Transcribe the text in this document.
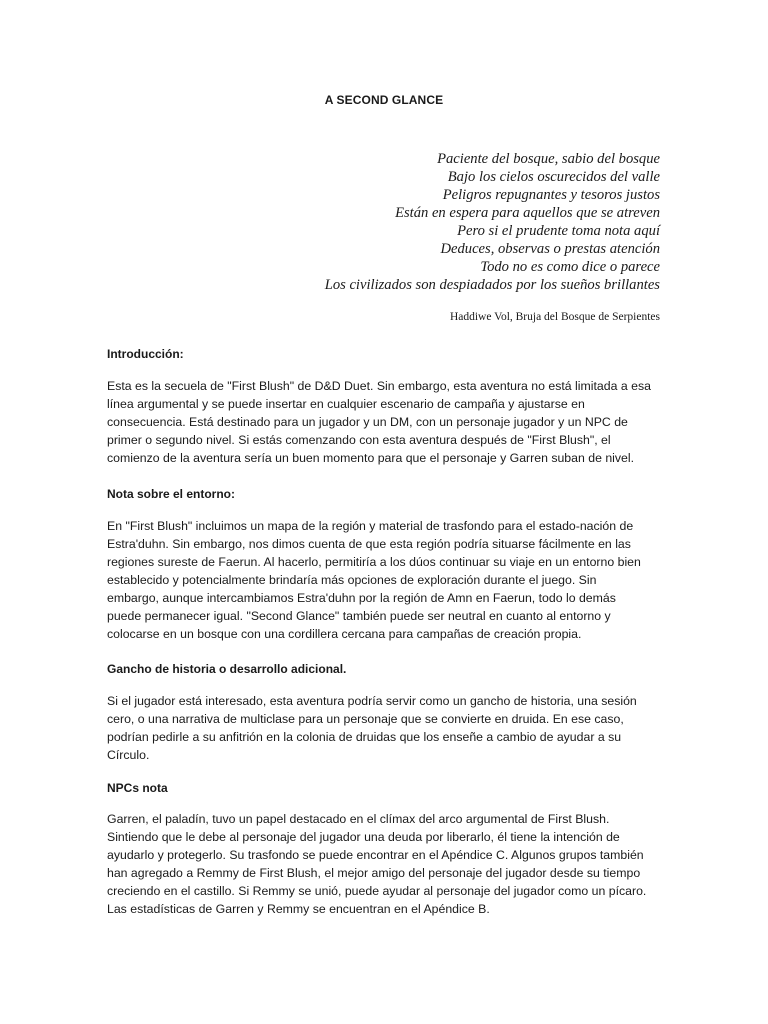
A SECOND GLANCE
Paciente del bosque, sabio del bosque
Bajo los cielos oscurecidos del valle
Peligros repugnantes y tesoros justos
Están en espera para aquellos que se atreven
Pero si el prudente toma nota aquí
Deduces, observas o prestas atención
Todo no es como dice o parece
Los civilizados son despiadados por los sueños brillantes
Haddiwe Vol, Bruja del Bosque de Serpientes
Introducción:
Esta es la secuela de "First Blush" de D&D Duet. Sin embargo, esta aventura no está limitada a esa
línea argumental y se puede insertar en cualquier escenario de campaña y ajustarse en
consecuencia. Está destinado para un jugador y un DM, con un personaje jugador y un NPC de
primer o segundo nivel. Si estás comenzando con esta aventura después de "First Blush", el
comienzo de la aventura sería un buen momento para que el personaje y Garren suban de nivel.
Nota sobre el entorno:
En "First Blush" incluimos un mapa de la región y material de trasfondo para el estado-nación de
Estra'duhn. Sin embargo, nos dimos cuenta de que esta región podría situarse fácilmente en las
regiones sureste de Faerun. Al hacerlo, permitiría a los dúos continuar su viaje en un entorno bien
establecido y potencialmente brindaría más opciones de exploración durante el juego. Sin
embargo, aunque intercambiamos Estra'duhn por la región de Amn en Faerun, todo lo demás
puede permanecer igual. "Second Glance" también puede ser neutral en cuanto al entorno y
colocarse en un bosque con una cordillera cercana para campañas de creación propia.
Gancho de historia o desarrollo adicional.
Si el jugador está interesado, esta aventura podría servir como un gancho de historia, una sesión
cero, o una narrativa de multiclase para un personaje que se convierte en druida. En ese caso,
podrían pedirle a su anfitrión en la colonia de druidas que los enseñe a cambio de ayudar a su
Círculo.
NPCs nota
Garren, el paladín, tuvo un papel destacado en el clímax del arco argumental de First Blush.
Sintiendo que le debe al personaje del jugador una deuda por liberarlo, él tiene la intención de
ayudarlo y protegerlo. Su trasfondo se puede encontrar en el Apéndice C. Algunos grupos también
han agregado a Remmy de First Blush, el mejor amigo del personaje del jugador desde su tiempo
creciendo en el castillo. Si Remmy se unió, puede ayudar al personaje del jugador como un pícaro.
Las estadísticas de Garren y Remmy se encuentran en el Apéndice B.
